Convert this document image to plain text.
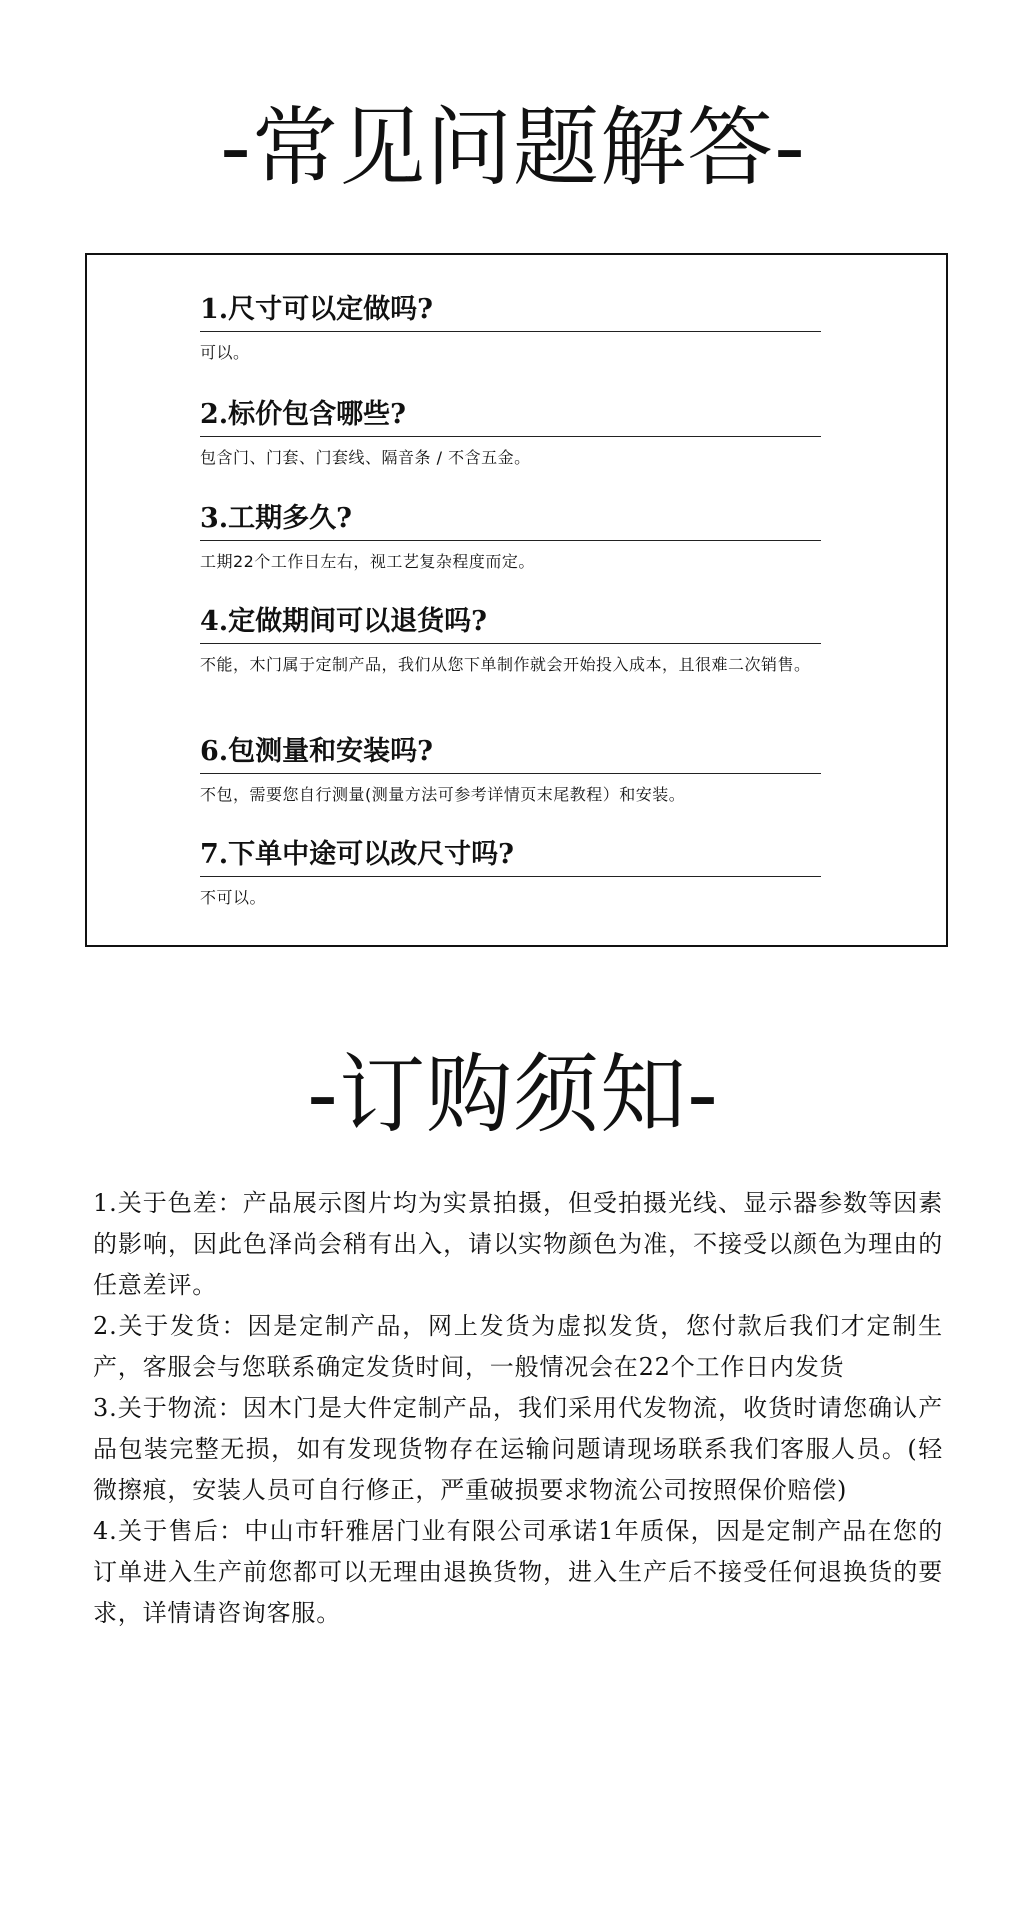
-常见问题解答-
1.尺寸可以定做吗?
可以。
2.标价包含哪些?
包含门、门套、门套线、隔音条 / 不含五金。
3.工期多久?
工期22个工作日左右，视工艺复杂程度而定。
4.定做期间可以退货吗?
不能，木门属于定制产品，我们从您下单制作就会开始投入成本，且很难二次销售。
6.包测量和安装吗?
不包，需要您自行测量(测量方法可参考详情页末尾教程）和安装。
7.下单中途可以改尺寸吗?
不可以。
-订购须知-
1.关于色差：产品展示图片均为实景拍摄，但受拍摄光线、显示器参数等因素的影响，因此色泽尚会稍有出入，请以实物颜色为准，不接受以颜色为理由的任意差评。
2.关于发货：因是定制产品，网上发货为虚拟发货，您付款后我们才定制生产，客服会与您联系确定发货时间，一般情况会在22个工作日内发货
3.关于物流：因木门是大件定制产品，我们采用代发物流，收货时请您确认产品包装完整无损，如有发现货物存在运输问题请现场联系我们客服人员。(轻微擦痕，安装人员可自行修正，严重破损要求物流公司按照保价赔偿)
4.关于售后：中山市轩雅居门业有限公司承诺1年质保，因是定制产品在您的订单进入生产前您都可以无理由退换货物，进入生产后不接受任何退换货的要求，详情请咨询客服。
